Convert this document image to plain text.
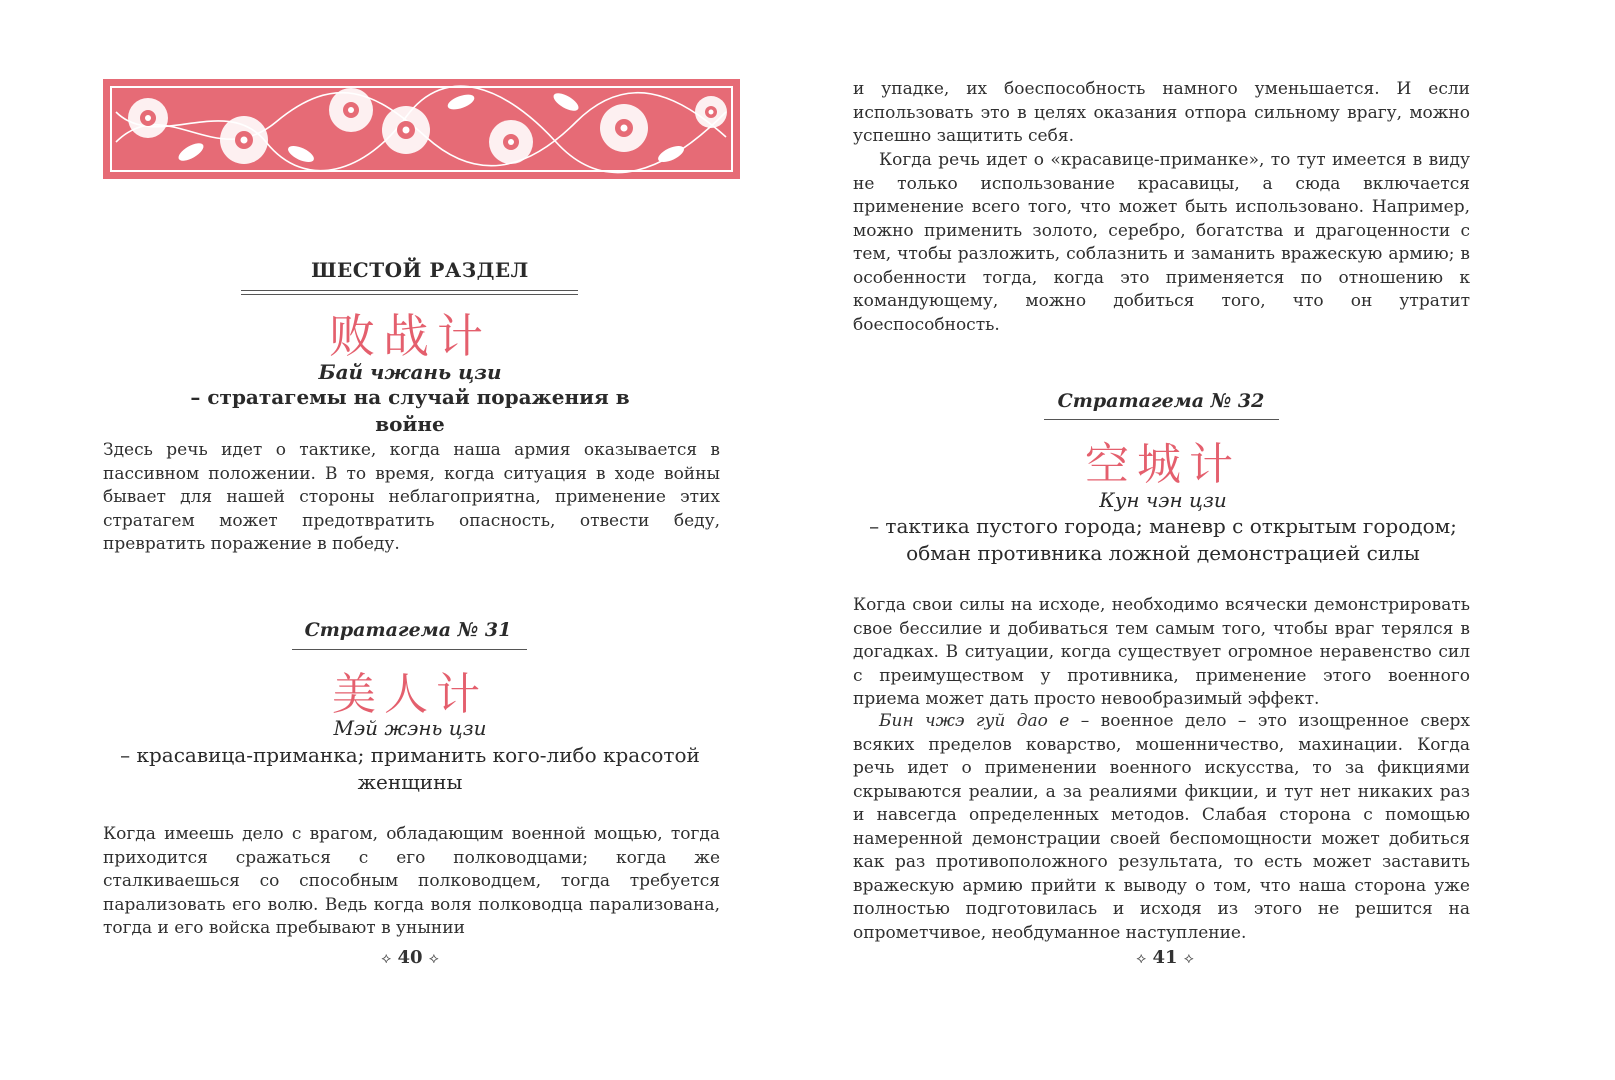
ШЕСТОЙ РАЗДЕЛ
败战计
Бай чжань цзи
– стратагемы на случай поражения в войне

Здесь речь идет о тактике, когда наша армия оказывается в пассивном положении. В то время, когда ситуация в ходе войны бывает для нашей стороны неблагоприятна, применение этих стратагем может предотвратить опасность, отвести беду, превратить поражение в победу.

Стратагема № 31
美人计
Мэй жэнь цзи
– красавица-приманка; приманить кого-либо красотой женщины

Когда имеешь дело с врагом, обладающим военной мощью, тогда приходится сражаться с его полководцами; когда же сталкиваешься со способным полководцем, тогда требуется парализовать его волю. Ведь когда воля полководца парализована, тогда и его войска пребывают в унынии

⟡ 40 ⟡

и упадке, их боеспособность намного уменьшается. И если использовать это в целях оказания отпора сильному врагу, можно успешно защитить себя.

Когда речь идет о «красавице-приманке», то тут имеется в виду не только использование красавицы, а сюда включается применение всего того, что может быть использовано. Например, можно применить золото, серебро, богатства и драгоценности с тем, чтобы разложить, соблазнить и заманить вражескую армию; в особенности тогда, когда это применяется по отношению к командующему, можно добиться того, что он утратит боеспособность.

Стратагема № 32
空城计
Кун чэн цзи
– тактика пустого города; маневр с открытым городом; обман противника ложной демонстрацией силы

Когда свои силы на исходе, необходимо всячески демонстрировать свое бессилие и добиваться тем самым того, чтобы враг терялся в догадках. В ситуации, когда существует огромное неравенство сил с преимуществом у противника, применение этого военного приема может дать просто невообразимый эффект.

Бин чжэ гуй дао е – военное дело – это изощренное сверх всяких пределов коварство, мошенничество, махинации. Когда речь идет о применении военного искусства, то за фикциями скрываются реалии, а за реалиями фикции, и тут нет никаких раз и навсегда определенных методов. Слабая сторона с помощью намеренной демонстрации своей беспомощности может добиться как раз противоположного результата, то есть может заставить вражескую армию прийти к выводу о том, что наша сторона уже полностью подготовилась и исходя из этого не решится на опрометчивое, необдуманное наступление.

⟡ 41 ⟡
